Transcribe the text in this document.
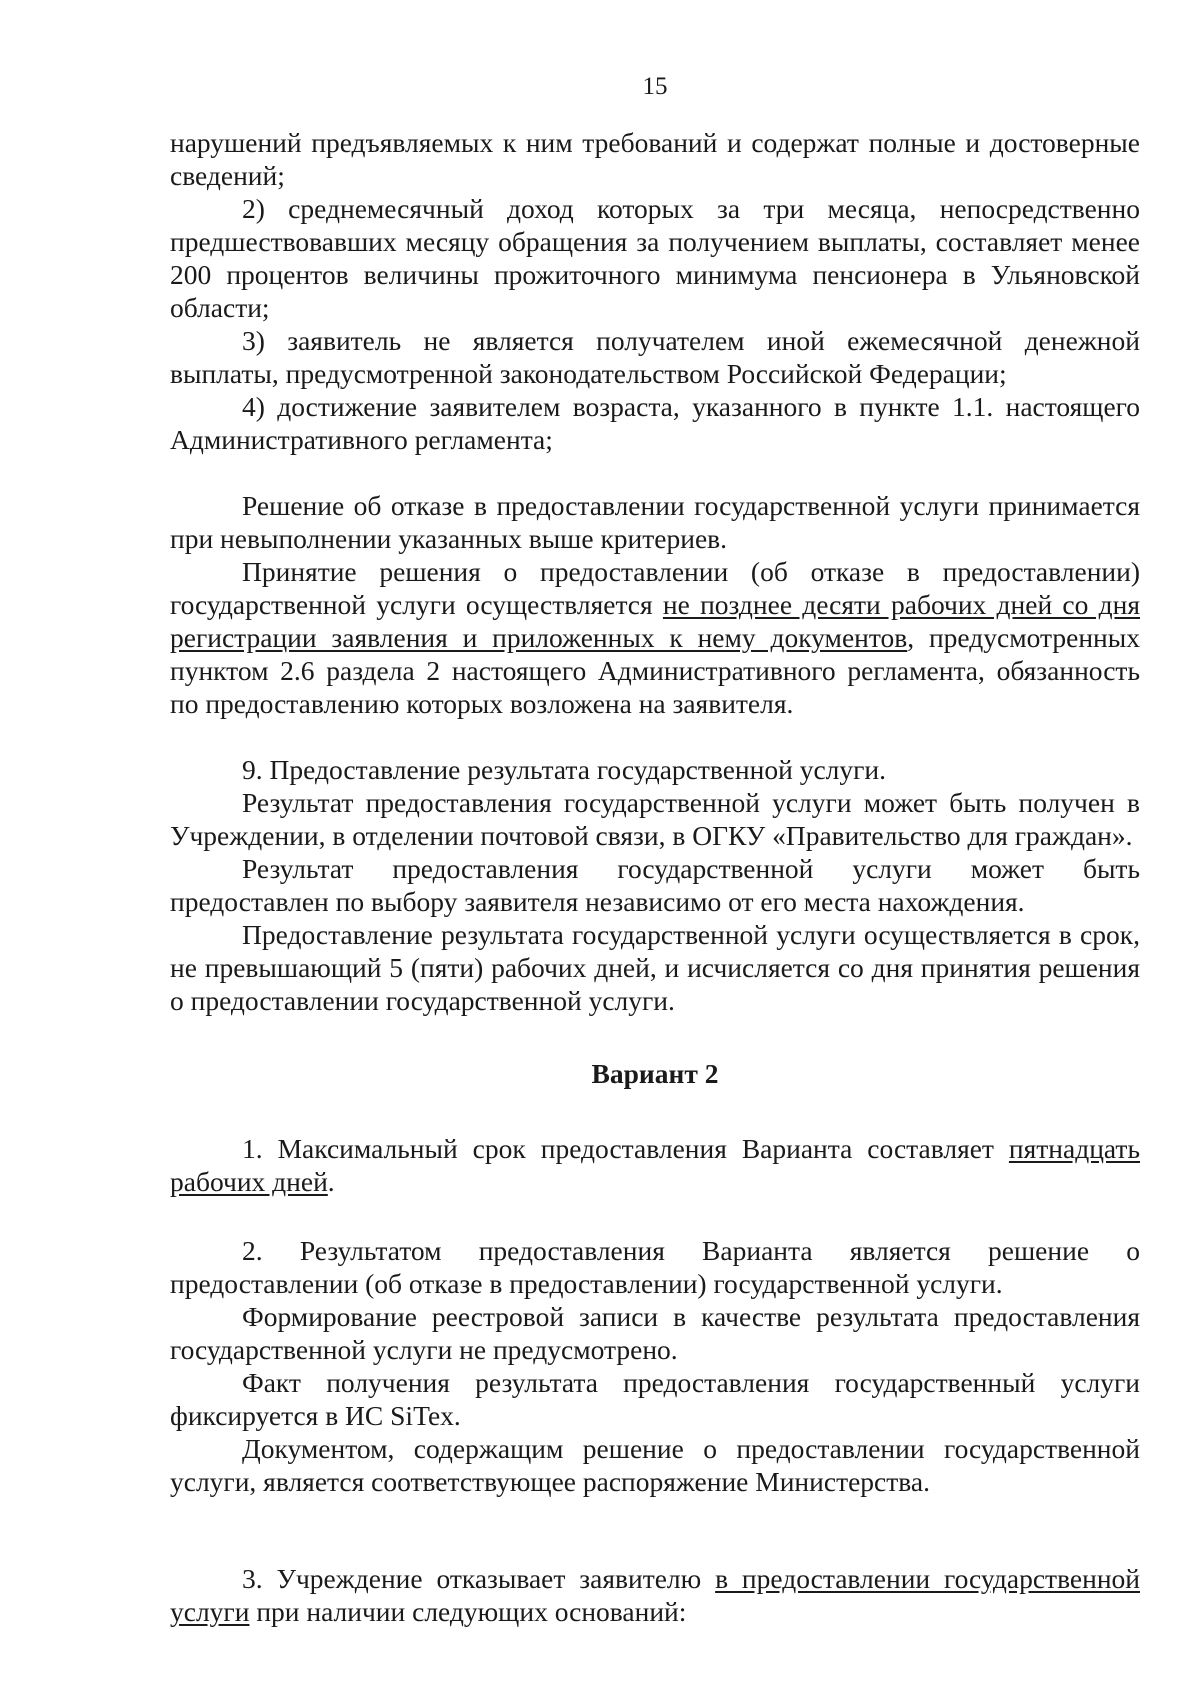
15

нарушений предъявляемых к ним требований и содержат полные и достоверные сведений;

2) среднемесячный доход которых за три месяца, непосредственно предшествовавших месяцу обращения за получением выплаты, составляет менее 200 процентов величины прожиточного минимума пенсионера в Ульяновской области;

3) заявитель не является получателем иной ежемесячной денежной выплаты, предусмотренной законодательством Российской Федерации;

4) достижение заявителем возраста, указанного в пункте 1.1. настоящего Административного регламента;

Решение об отказе в предоставлении государственной услуги принимается при невыполнении указанных выше критериев.

Принятие решения о предоставлении (об отказе в предоставлении) государственной услуги осуществляется не позднее десяти рабочих дней со дня регистрации заявления и приложенных к нему документов, предусмотренных пунктом 2.6 раздела 2 настоящего Административного регламента, обязанность по предоставлению которых возложена на заявителя.

9. Предоставление результата государственной услуги.

Результат предоставления государственной услуги может быть получен в Учреждении, в отделении почтовой связи, в ОГКУ «Правительство для граждан».

Результат предоставления государственной услуги может быть предоставлен по выбору заявителя независимо от его места нахождения.

Предоставление результата государственной услуги осуществляется в срок, не превышающий 5 (пяти) рабочих дней, и исчисляется со дня принятия решения о предоставлении государственной услуги.

Вариант 2

1. Максимальный срок предоставления Варианта составляет пятнадцать рабочих дней.

2. Результатом предоставления Варианта является решение о предоставлении (об отказе в предоставлении) государственной услуги.

Формирование реестровой записи в качестве результата предоставления государственной услуги не предусмотрено.

Факт получения результата предоставления государственный услуги фиксируется в ИС SiTex.

Документом, содержащим решение о предоставлении государственной услуги, является соответствующее распоряжение Министерства.

3. Учреждение отказывает заявителю в предоставлении государственной услуги при наличии следующих оснований:
